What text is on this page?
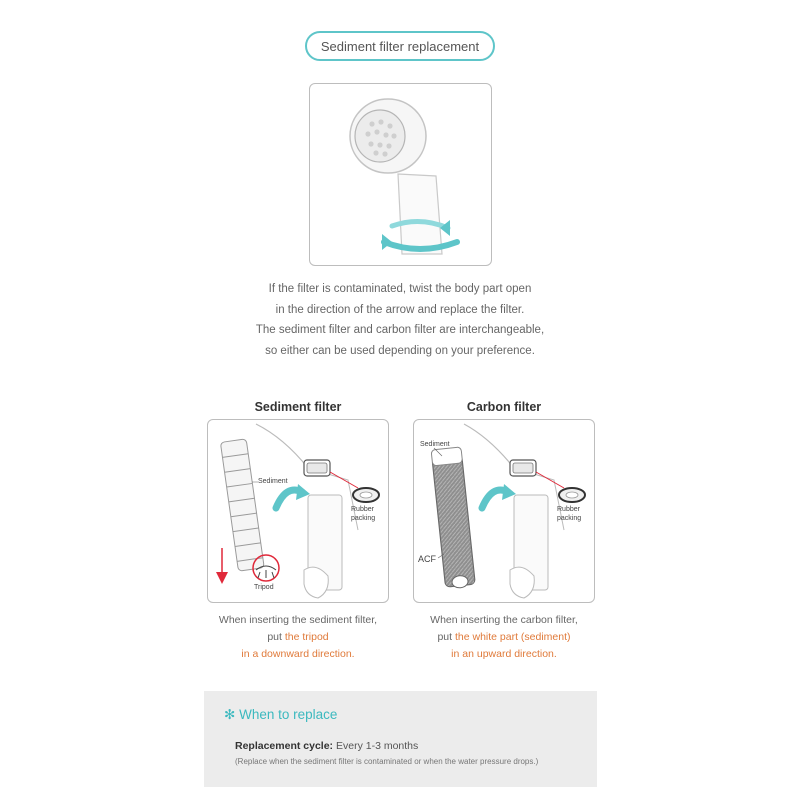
Sediment filter replacement
If the filter is contaminated, twist the body part open
in the direction of the arrow and replace the filter.
The sediment filter and carbon filter are interchangeable,
so either can be used depending on your preference.
Sediment filter	Carbon filter
Sediment
Rubber
packing
Tripod
Sediment
ACF
Rubber
packing
When inserting the sediment filter,
put the tripod
in a downward direction.
When inserting the carbon filter,
put the white part (sediment)
in an upward direction.
✻ When to replace
Replacement cycle: Every 1-3 months
(Replace when the sediment filter is contaminated or when the water pressure drops.)
